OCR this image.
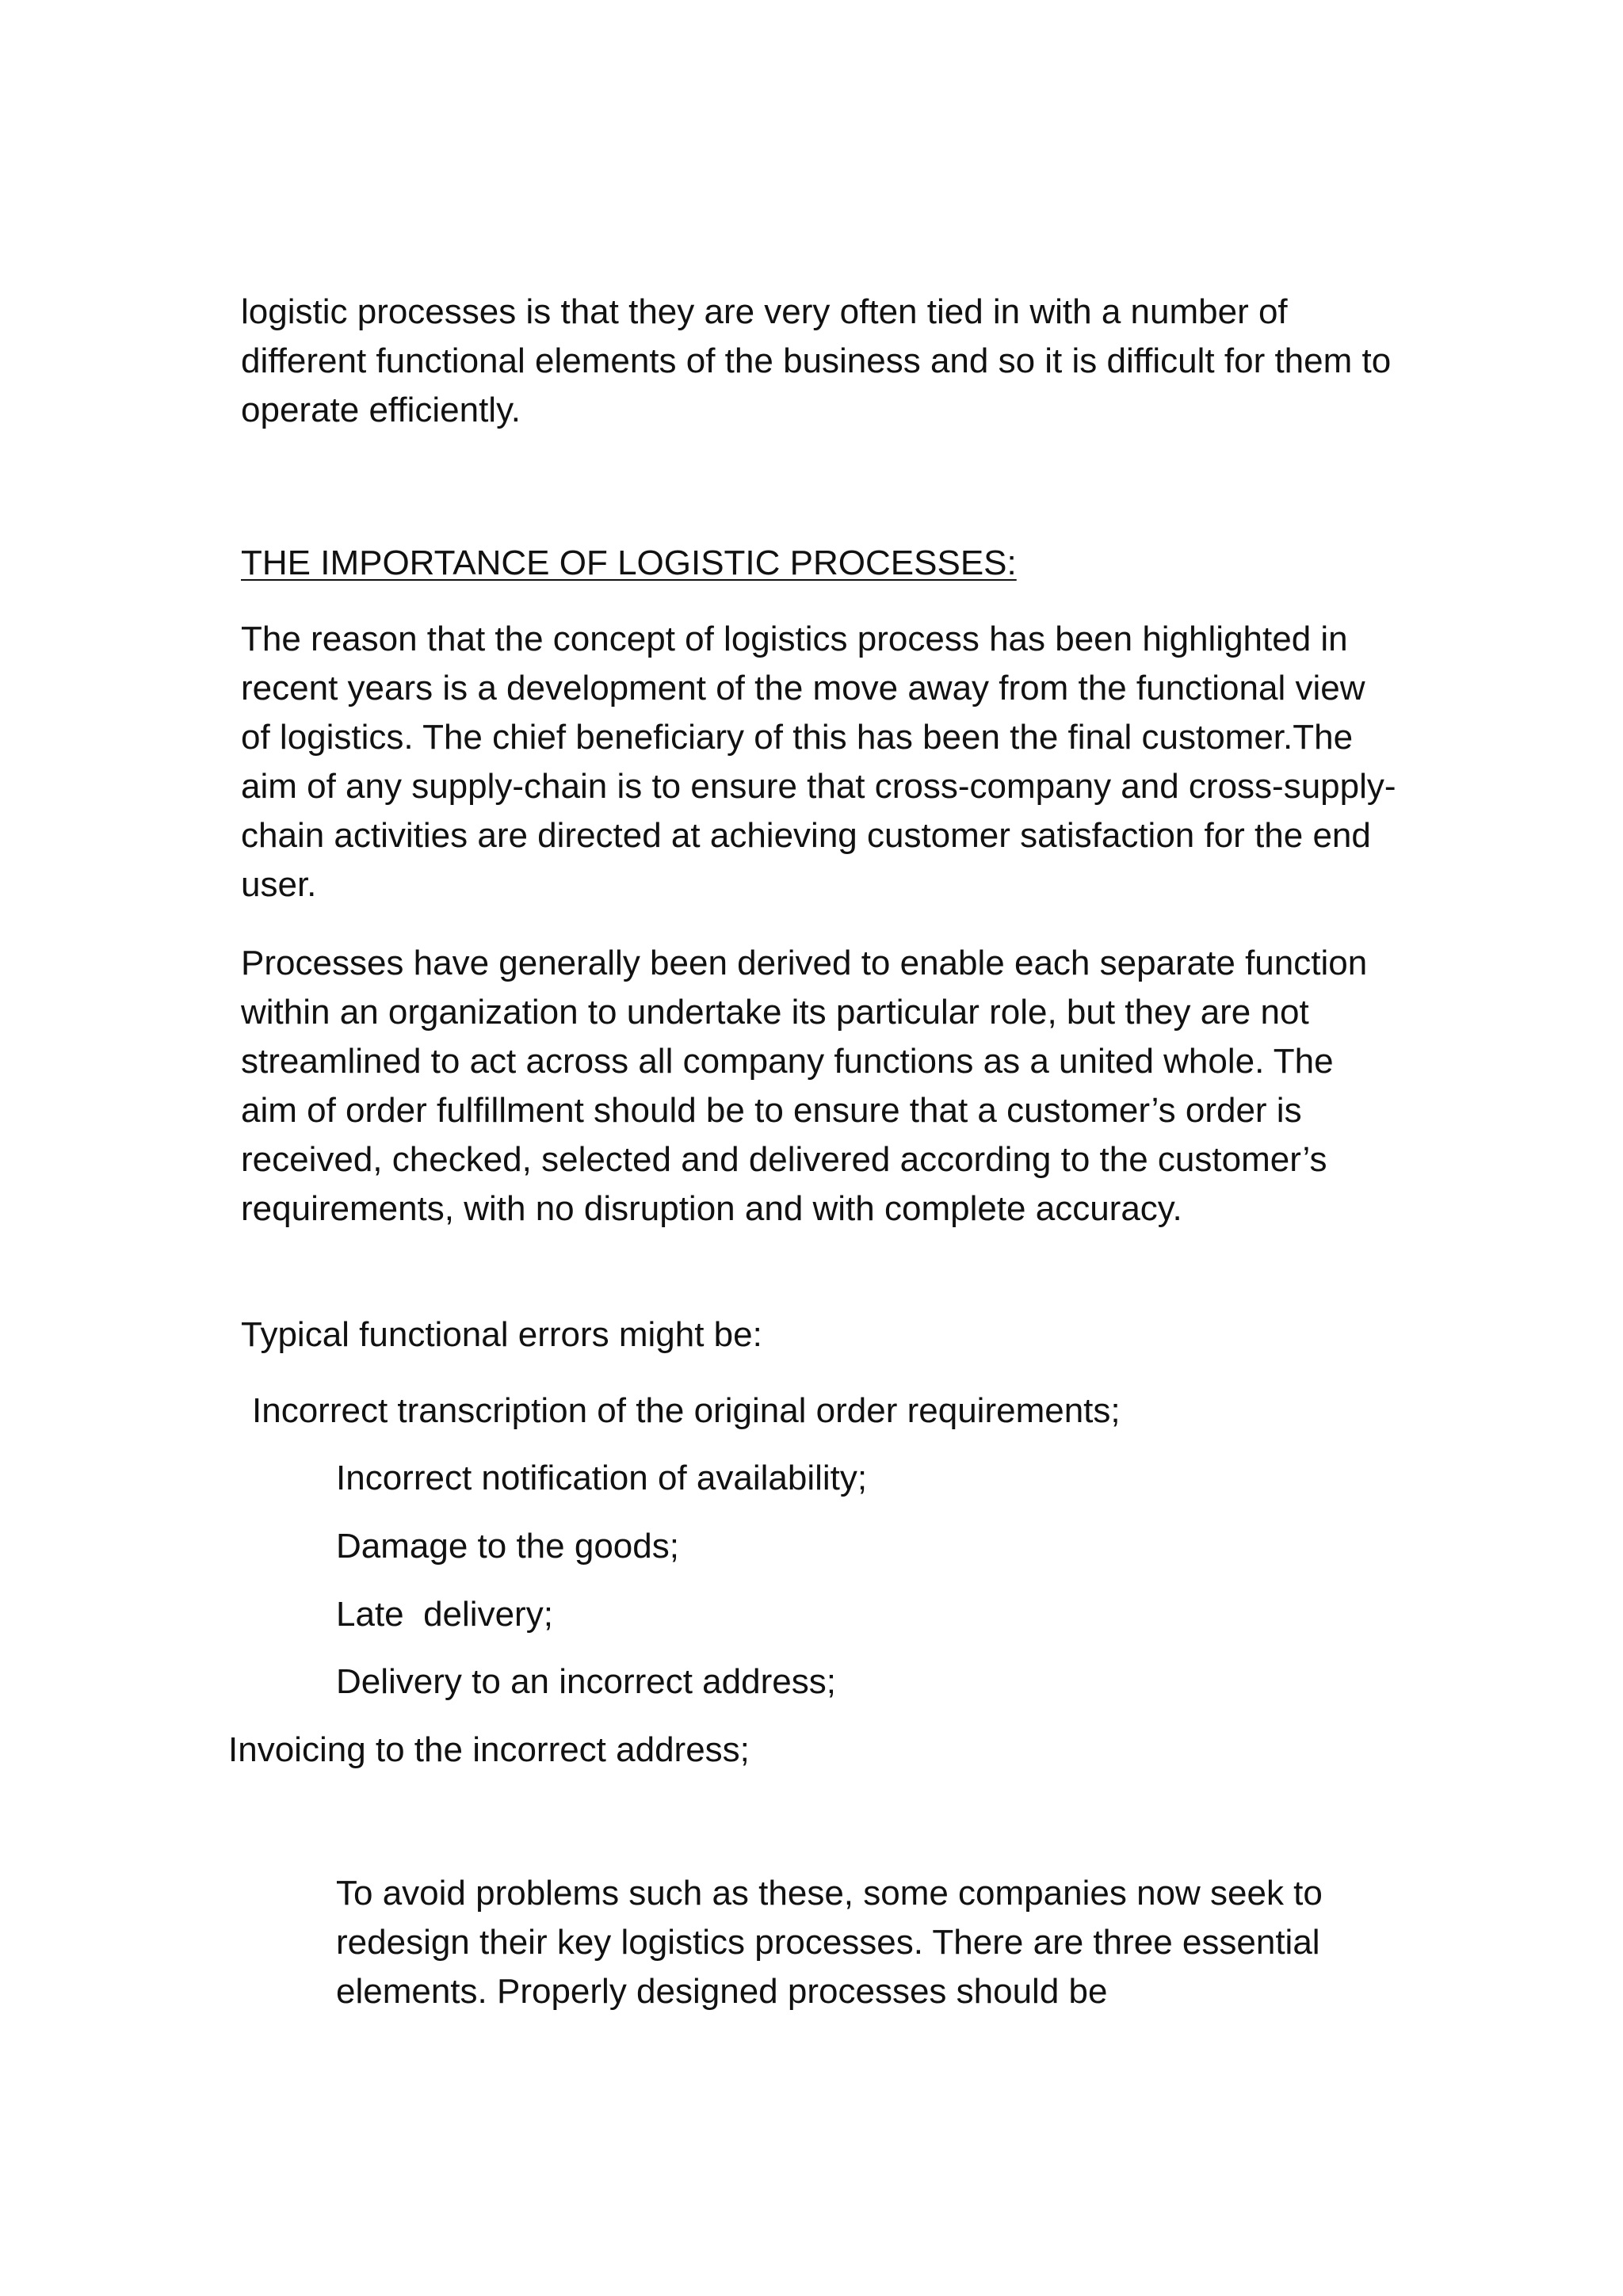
logistic processes is that they are very often tied in with a number of different functional elements of the business and so it is difficult for them to operate efficiently.

THE IMPORTANCE OF LOGISTIC PROCESSES:

The reason that the concept of logistics process has been highlighted in recent years is a development of the move away from the functional view of logistics. The chief beneficiary of this has been the final customer.The aim of any supply-chain is to ensure that cross-company and cross-supply-chain activities are directed at achieving customer satisfaction for the end user.

Processes have generally been derived to enable each separate function within an organization to undertake its particular role, but they are not streamlined to act across all company functions as a united whole. The aim of order fulfillment should be to ensure that a customer’s order is received, checked, selected and delivered according to the customer’s requirements, with no disruption and with complete accuracy.

Typical functional errors might be:

Incorrect transcription of the original order requirements;

Incorrect notification of availability;

Damage to the goods;

Late  delivery;

Delivery to an incorrect address;

Invoicing to the incorrect address;

To avoid problems such as these, some companies now seek to redesign their key logistics processes. There are three essential elements. Properly designed processes should be
